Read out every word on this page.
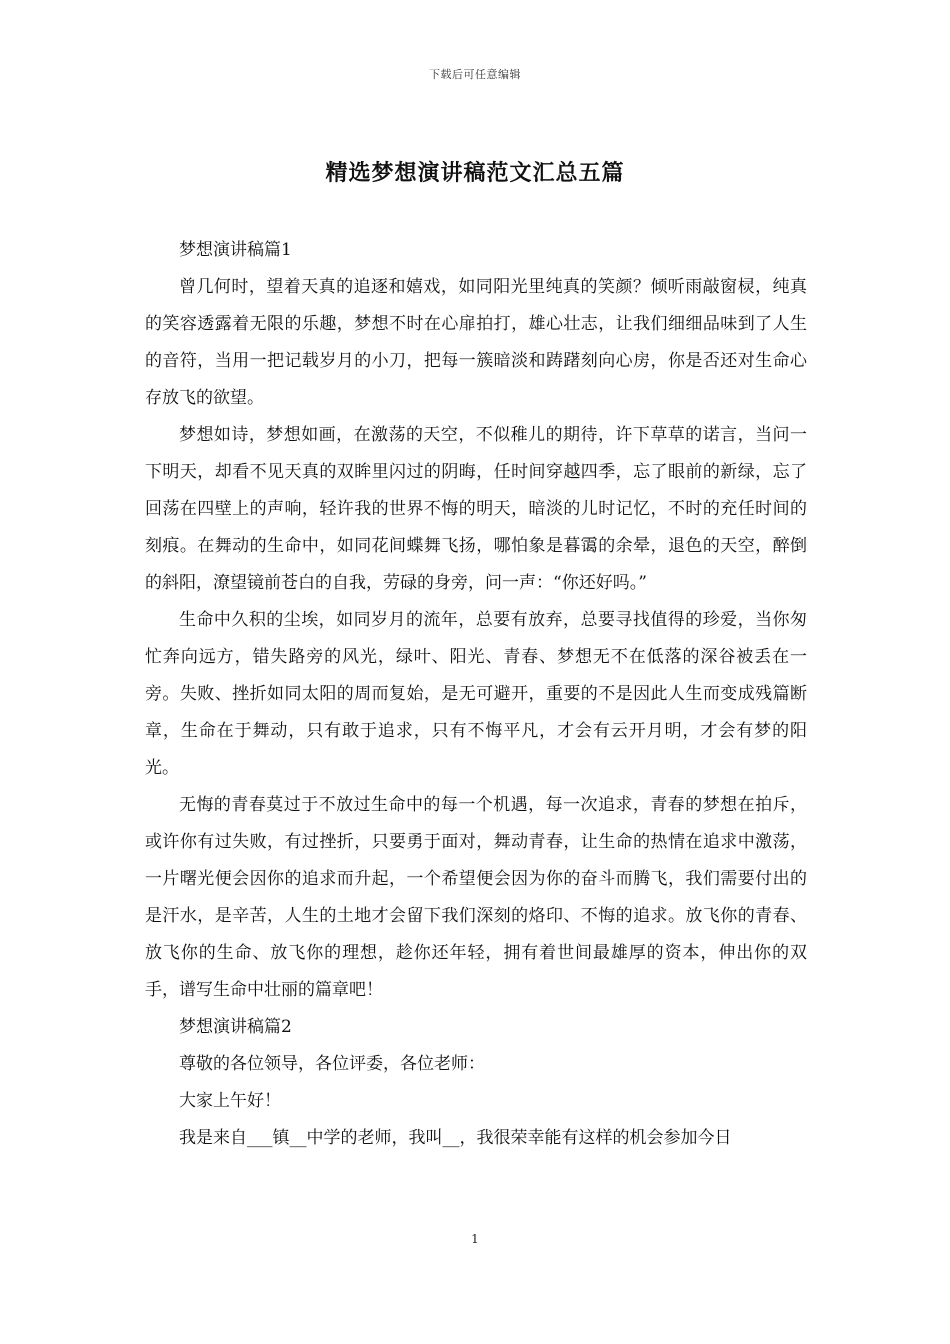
下载后可任意编辑
精选梦想演讲稿范文汇总五篇

梦想演讲稿篇1

曾几何时，望着天真的追逐和嬉戏，如同阳光里纯真的笑颜？倾听雨敲窗棂，纯真的笑容透露着无限的乐趣，梦想不时在心扉拍打，雄心壮志，让我们细细品味到了人生的音符，当用一把记载岁月的小刀，把每一簇暗淡和踌躇刻向心房，你是否还对生命心存放飞的欲望。

梦想如诗，梦想如画，在激荡的天空，不似稚儿的期待，许下草草的诺言，当问一下明天，却看不见天真的双眸里闪过的阴晦，任时间穿越四季，忘了眼前的新绿，忘了回荡在四壁上的声响，轻许我的世界不悔的明天，暗淡的儿时记忆，不时的充任时间的刻痕。在舞动的生命中，如同花间蝶舞飞扬，哪怕象是暮霭的余晕，退色的天空，醉倒的斜阳，潦望镜前苍白的自我，劳碌的身旁，问一声：“你还好吗。”

生命中久积的尘埃，如同岁月的流年，总要有放弃，总要寻找值得的珍爱，当你匆忙奔向远方，错失路旁的风光，绿叶、阳光、青春、梦想无不在低落的深谷被丢在一旁。失败、挫折如同太阳的周而复始，是无可避开，重要的不是因此人生而变成残篇断章，生命在于舞动，只有敢于追求，只有不悔平凡，才会有云开月明，才会有梦的阳光。

无悔的青春莫过于不放过生命中的每一个机遇，每一次追求，青春的梦想在拍斥，或许你有过失败，有过挫折，只要勇于面对，舞动青春，让生命的热情在追求中激荡，一片曙光便会因你的追求而升起，一个希望便会因为你的奋斗而腾飞，我们需要付出的是汗水，是辛苦，人生的土地才会留下我们深刻的烙印、不悔的追求。放飞你的青春、放飞你的生命、放飞你的理想，趁你还年轻，拥有着世间最雄厚的资本，伸出你的双手，谱写生命中壮丽的篇章吧！

梦想演讲稿篇2

尊敬的各位领导，各位评委，各位老师：

大家上午好！

我是来自___镇__中学的老师，我叫__，我很荣幸能有这样的机会参加今日

1
